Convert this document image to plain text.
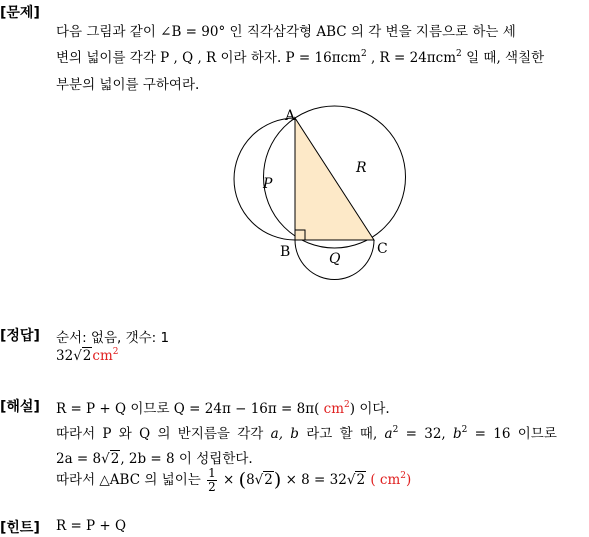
[문제]
다음 그림과 같이 ∠B = 90° 인 직각삼각형 ABC 의 각 변을 지름으로 하는 세
변의 넓이를 각각 P , Q , R 이라 하자. P = 16πcm$^2$ , R = 24πcm$^2$ 일 때, 색칠한
부분의 넓이를 구하여라.
A
B	C
P
R
Q
[정답] 순서: 없음, 갯수: 1
$32√2cm^2$
[해설] R = P + Q 이므로 Q = 24π − 16π = 8π( $cm^2$) 이다.
따라서 P 와 Q 의 반지름을 각각 a, b 라고 할 때, $a^2 = 32$, $b^2 = 16$ 이므로
2a = 8√2, 2b = 8 이 성립한다.
따라서 △ABC 의 넓이는 $\frac{1}{2} \times (8√2) \times 8 = 32√2$ ( $cm^2$)
[힌트] R = P + Q
